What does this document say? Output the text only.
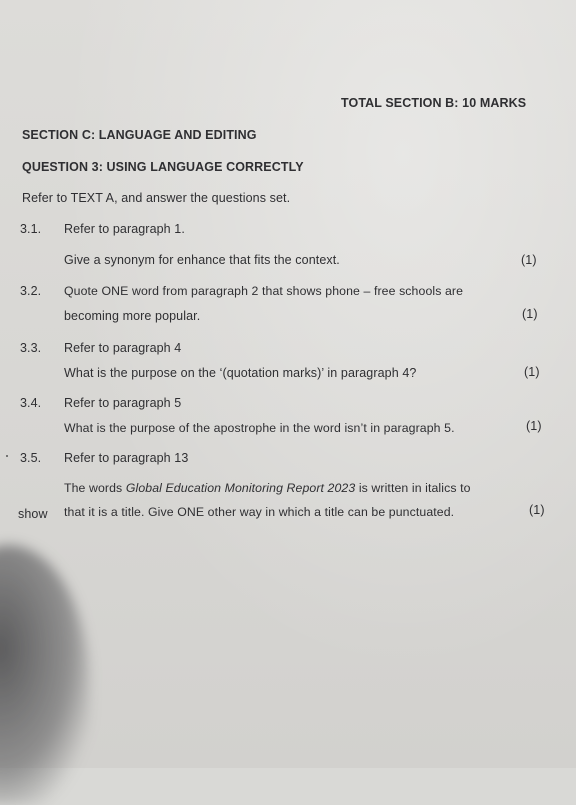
TOTAL SECTION B: 10 MARKS
SECTION C: LANGUAGE AND EDITING
QUESTION 3: USING LANGUAGE CORRECTLY
Refer to TEXT A, and answer the questions set.
3.1. Refer to paragraph 1.
Give a synonym for enhance that fits the context.	(1)
3.2. Quote ONE word from paragraph 2 that shows phone – free schools are
becoming more popular.	(1)
3.3. Refer to paragraph 4
What is the purpose on the ‘(quotation marks)’ in paragraph 4?	(1)
3.4. Refer to paragraph 5
What is the purpose of the apostrophe in the word isn’t in paragraph 5.	(1)
3.5. Refer to paragraph 13
The words Global Education Monitoring Report 2023 is written in italics to
show that it is a title. Give ONE other way in which a title can be punctuated.	(1)
